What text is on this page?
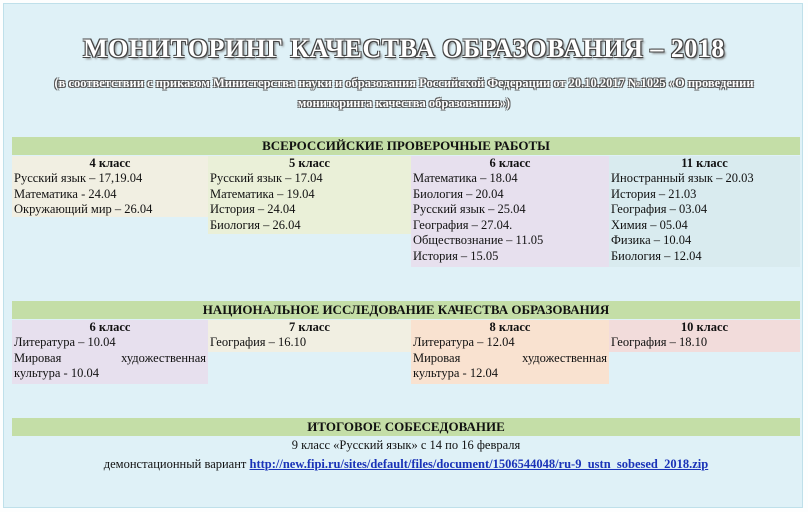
МОНИТОРИНГ КАЧЕСТВА ОБРАЗОВАНИЯ – 2018
(в соответствии с приказом Министерства науки и образования Российской Федерации от 20.10.2017 №1025 «О проведении мониторинга качества образования»)
ВСЕРОССИЙСКИЕ ПРОВЕРОЧНЫЕ РАБОТЫ
4 класс
Русский язык – 17,19.04
Математика - 24.04
Окружающий мир – 26.04
5 класс
Русский язык – 17.04
Математика – 19.04
История – 24.04
Биология – 26.04
6 класс
Математика – 18.04
Биология – 20.04
Русский язык – 25.04
География – 27.04.
Обществознание – 11.05
История – 15.05
11 класс
Иностранный язык – 20.03
История – 21.03
География – 03.04
Химия – 05.04
Физика – 10.04
Биология – 12.04
НАЦИОНАЛЬНОЕ ИССЛЕДОВАНИЕ КАЧЕСТВА ОБРАЗОВАНИЯ
6 класс
Литература – 10.04
Мировая	художественная
культура - 10.04
7 класс
География – 16.10
8 класс
Литература – 12.04
Мировая	художественная
культура - 12.04
10 класс
География – 18.10
ИТОГОВОЕ СОБЕСЕДОВАНИЕ
9 класс «Русский язык» с 14 по 16 февраля
демонстационный вариант http://new.fipi.ru/sites/default/files/document/1506544048/ru-9_ustn_sobesed_2018.zip
